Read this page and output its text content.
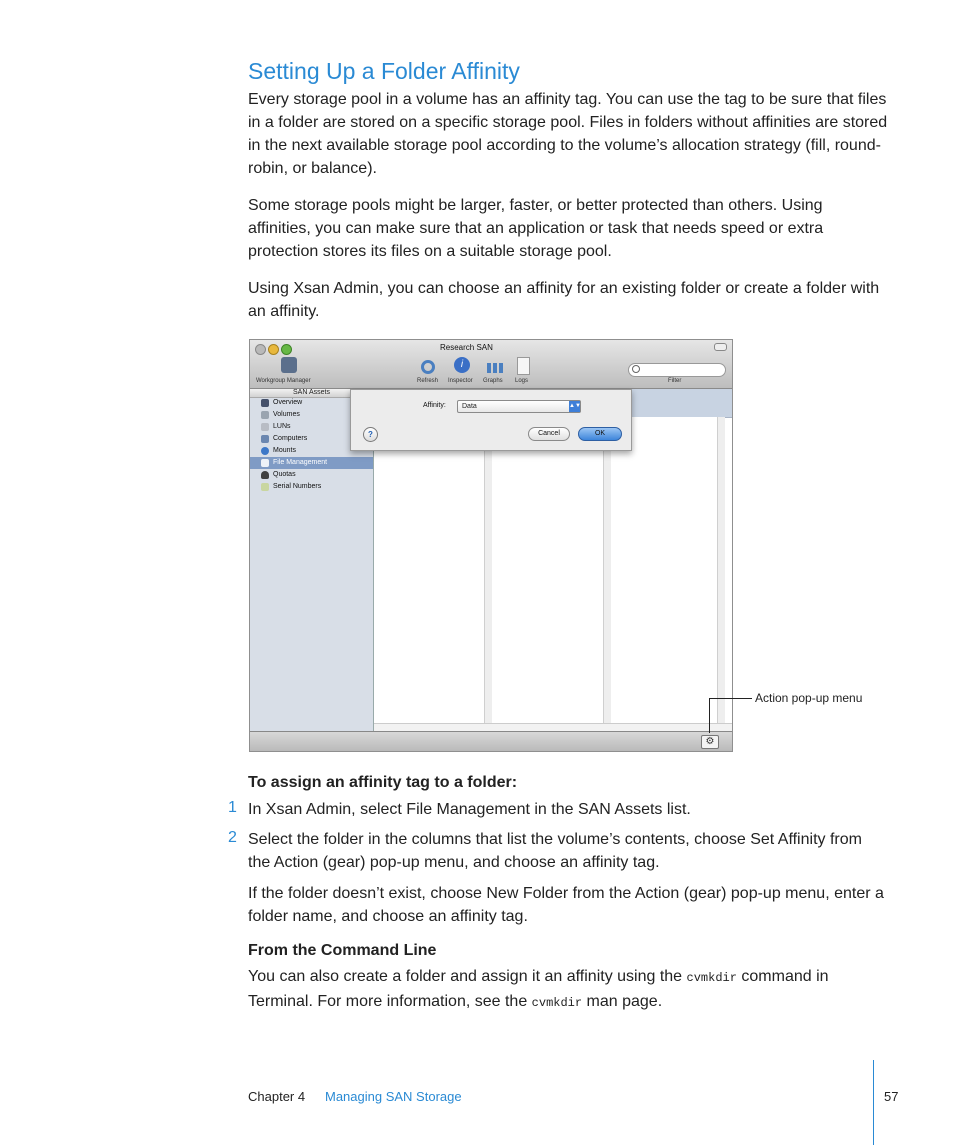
Setting Up a Folder Affinity
Every storage pool in a volume has an affinity tag. You can use the tag to be sure that files in a folder are stored on a specific storage pool. Files in folders without affinities are stored in the next available storage pool according to the volume’s allocation strategy (fill, round-robin, or balance).
Some storage pools might be larger, faster, or better protected than others. Using affinities, you can make sure that an application or task that needs speed or extra protection stores its files on a suitable storage pool.
Using Xsan Admin, you can choose an affinity for an existing folder or create a folder with an affinity.
Research SAN
Workgroup Manager	Refresh
i
Inspector Graphs Logs	Filter
SAN Assets
Overview
Volumes
LUNs
Computers
Mounts
File Management
Quotas
Serial Numbers
Affinity: Data	▲▼
?	Cancel	OK
⚙
Action pop-up menu
To assign an affinity tag to a folder:
1 In Xsan Admin, select File Management in the SAN Assets list.
2 Select the folder in the columns that list the volume’s contents, choose Set Affinity from the Action (gear) pop-up menu, and choose an affinity tag.
If the folder doesn’t exist, choose New Folder from the Action (gear) pop-up menu, enter a folder name, and choose an affinity tag.
From the Command Line
You can also create a folder and assign it an affinity using the cvmkdir command in Terminal. For more information, see the cvmkdir man page.
Chapter 4 Managing SAN Storage	57
